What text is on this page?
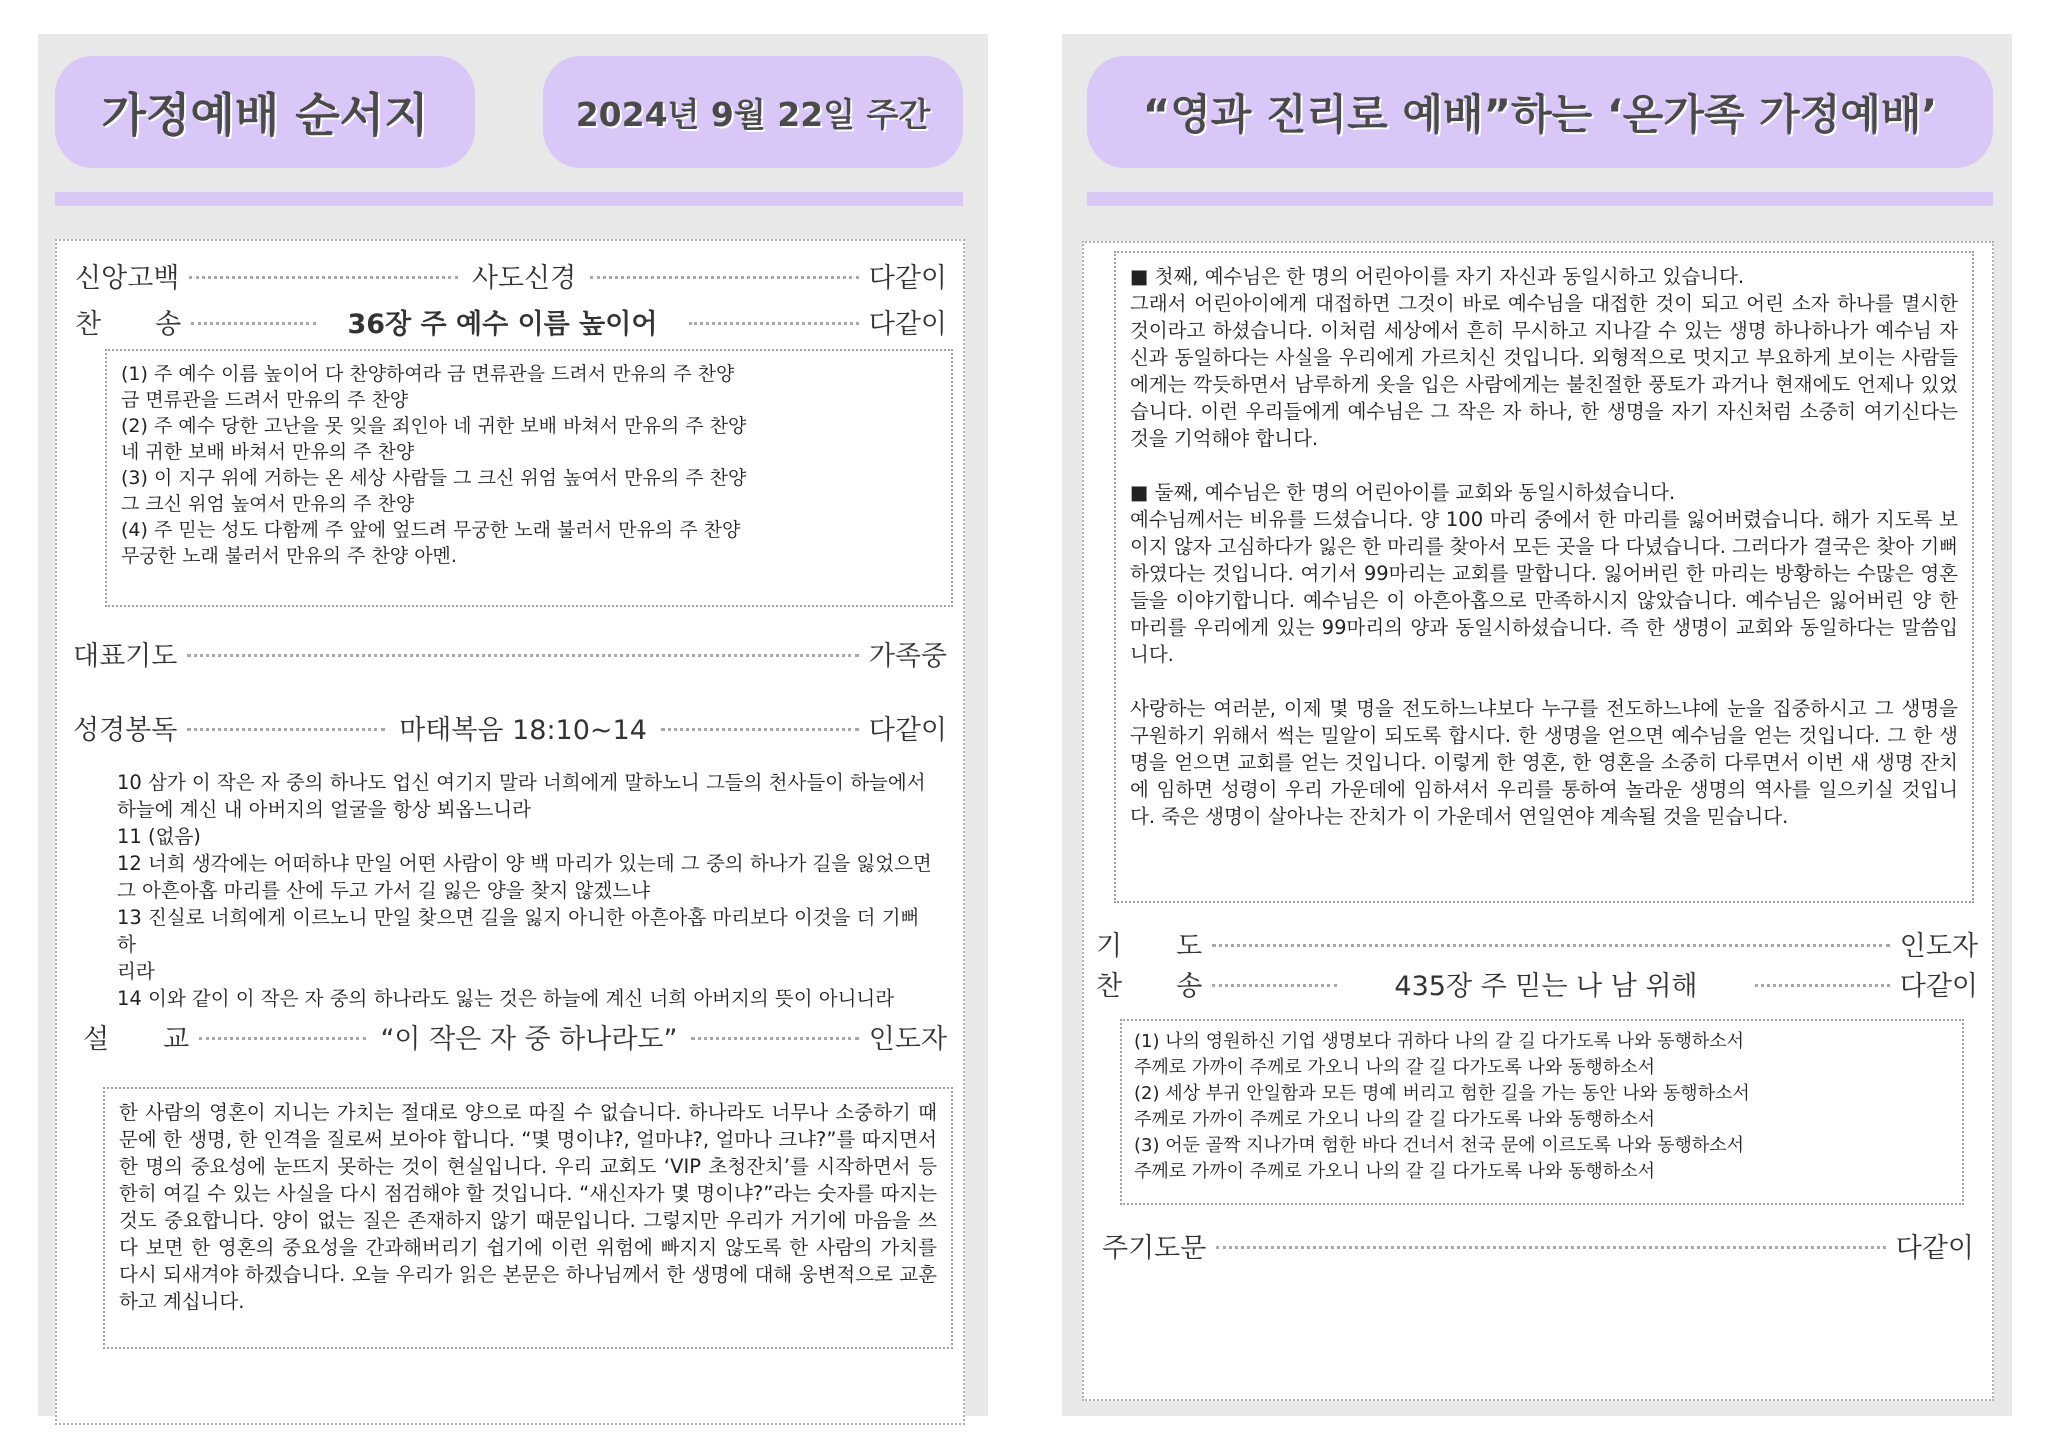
가정예배 순서지	2024년 9월 22일 주간
신앙고백	사도신경	다같이
찬　　송	36장 주 예수 이름 높이어	다같이
(1) 주 예수 이름 높이어 다 찬양하여라 금 면류관을 드려서 만유의 주 찬양
금 면류관을 드려서 만유의 주 찬양
(2) 주 예수 당한 고난을 못 잊을 죄인아 네 귀한 보배 바쳐서 만유의 주 찬양
네 귀한 보배 바쳐서 만유의 주 찬양
(3) 이 지구 위에 거하는 온 세상 사람들 그 크신 위엄 높여서 만유의 주 찬양
그 크신 위엄 높여서 만유의 주 찬양
(4) 주 믿는 성도 다함께 주 앞에 엎드려 무궁한 노래 불러서 만유의 주 찬양
무궁한 노래 불러서 만유의 주 찬양 아멘.
대표기도	가족중
성경봉독	마태복음 18:10~14	다같이
10 삼가 이 작은 자 중의 하나도 업신 여기지 말라 너희에게 말하노니 그들의 천사들이 하늘에서
하늘에 계신 내 아버지의 얼굴을 항상 뵈옵느니라
11 (없음)
12 너희 생각에는 어떠하냐 만일 어떤 사람이 양 백 마리가 있는데 그 중의 하나가 길을 잃었으면
그 아흔아홉 마리를 산에 두고 가서 길 잃은 양을 찾지 않겠느냐
13 진실로 너희에게 이르노니 만일 찾으면 길을 잃지 아니한 아흔아홉 마리보다 이것을 더 기뻐하
리라
14 이와 같이 이 작은 자 중의 하나라도 잃는 것은 하늘에 계신 너희 아버지의 뜻이 아니니라
설　　교	“이 작은 자 중 하나라도”	인도자
한 사람의 영혼이 지니는 가치는 절대로 양으로 따질 수 없습니다. 하나라도 너무나 소중하기 때문에 한 생명, 한 인격을 질로써 보아야 합니다. “몇 명이냐?, 얼마냐?, 얼마나 크냐?”를 따지면서 한 명의 중요성에 눈뜨지 못하는 것이 현실입니다. 우리 교회도 ‘VIP 초청잔치’를 시작하면서 등한히 여길 수 있는 사실을 다시 점검해야 할 것입니다. “새신자가 몇 명이냐?”라는 숫자를 따지는 것도 중요합니다. 양이 없는 질은 존재하지 않기 때문입니다. 그렇지만 우리가 거기에 마음을 쓰다 보면 한 영혼의 중요성을 간과해버리기 쉽기에 이런 위험에 빠지지 않도록 한 사람의 가치를 다시 되새겨야 하겠습니다. 오늘 우리가 읽은 본문은 하나님께서 한 생명에 대해 웅변적으로 교훈하고 계십니다.
“영과 진리로 예배”하는 ‘온가족 가정예배’
■ 첫째, 예수님은 한 명의 어린아이를 자기 자신과 동일시하고 있습니다.
그래서 어린아이에게 대접하면 그것이 바로 예수님을 대접한 것이 되고 어린 소자 하나를 멸시한 것이라고 하셨습니다. 이처럼 세상에서 흔히 무시하고 지나갈 수 있는 생명 하나하나가 예수님 자신과 동일하다는 사실을 우리에게 가르치신 것입니다. 외형적으로 멋지고 부요하게 보이는 사람들에게는 깍듯하면서 남루하게 옷을 입은 사람에게는 불친절한 풍토가 과거나 현재에도 언제나 있었습니다. 이런 우리들에게 예수님은 그 작은 자 하나, 한 생명을 자기 자신처럼 소중히 여기신다는 것을 기억해야 합니다.
■ 둘째, 예수님은 한 명의 어린아이를 교회와 동일시하셨습니다.
예수님께서는 비유를 드셨습니다. 양 100 마리 중에서 한 마리를 잃어버렸습니다. 해가 지도록 보이지 않자 고심하다가 잃은 한 마리를 찾아서 모든 곳을 다 다녔습니다. 그러다가 결국은 찾아 기뻐하였다는 것입니다. 여기서 99마리는 교회를 말합니다. 잃어버린 한 마리는 방황하는 수많은 영혼들을 이야기합니다. 예수님은 이 아흔아홉으로 만족하시지 않았습니다. 예수님은 잃어버린 양 한 마리를 우리에게 있는 99마리의 양과 동일시하셨습니다. 즉 한 생명이 교회와 동일하다는 말씀입니다.
사랑하는 여러분, 이제 몇 명을 전도하느냐보다 누구를 전도하느냐에 눈을 집중하시고 그 생명을 구원하기 위해서 썩는 밀알이 되도록 합시다. 한 생명을 얻으면 예수님을 얻는 것입니다. 그 한 생명을 얻으면 교회를 얻는 것입니다. 이렇게 한 영혼, 한 영혼을 소중히 다루면서 이번 새 생명 잔치에 임하면 성령이 우리 가운데에 임하셔서 우리를 통하여 놀라운 생명의 역사를 일으키실 것입니다. 죽은 생명이 살아나는 잔치가 이 가운데서 연일연야 계속될 것을 믿습니다.
기　　도	인도자
찬　　송	435장 주 믿는 나 남 위해	다같이
(1) 나의 영원하신 기업 생명보다 귀하다 나의 갈 길 다가도록 나와 동행하소서
주께로 가까이 주께로 가오니 나의 갈 길 다가도록 나와 동행하소서
(2) 세상 부귀 안일함과 모든 명예 버리고 험한 길을 가는 동안 나와 동행하소서
주께로 가까이 주께로 가오니 나의 갈 길 다가도록 나와 동행하소서
(3) 어둔 골짝 지나가며 험한 바다 건너서 천국 문에 이르도록 나와 동행하소서
주께로 가까이 주께로 가오니 나의 갈 길 다가도록 나와 동행하소서
주기도문	다같이
